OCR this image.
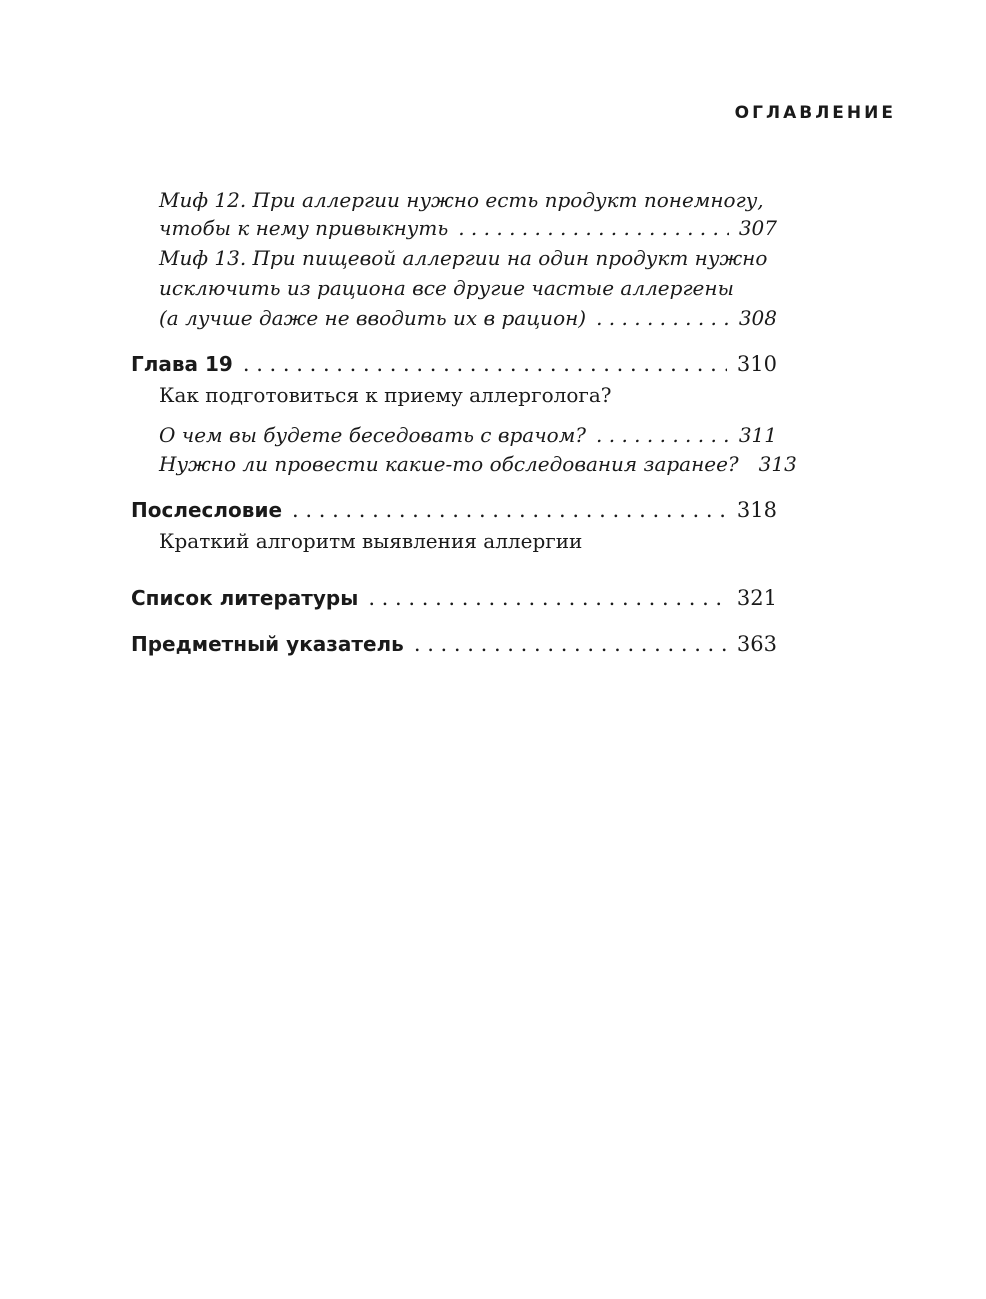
ОГЛАВЛЕНИЕ
Миф 12. При аллергии нужно есть продукт понемногу,
чтобы к нему привыкнуть . . .	307
Миф 13. При пищевой аллергии на один продукт нужно
исключить из рациона все другие частые аллергены
(а лучше даже не вводить их в рацион) . . .	308
Глава 19 . . .	310
Как подготовиться к приему аллерголога?
О чем вы будете беседовать с врачом? . . .	311
Нужно ли провести какие-то обследования заранее? 313
Послесловие . . .	318
Краткий алгоритм выявления аллергии
Список литературы . . .	321
Предметный указатель . . .	363
